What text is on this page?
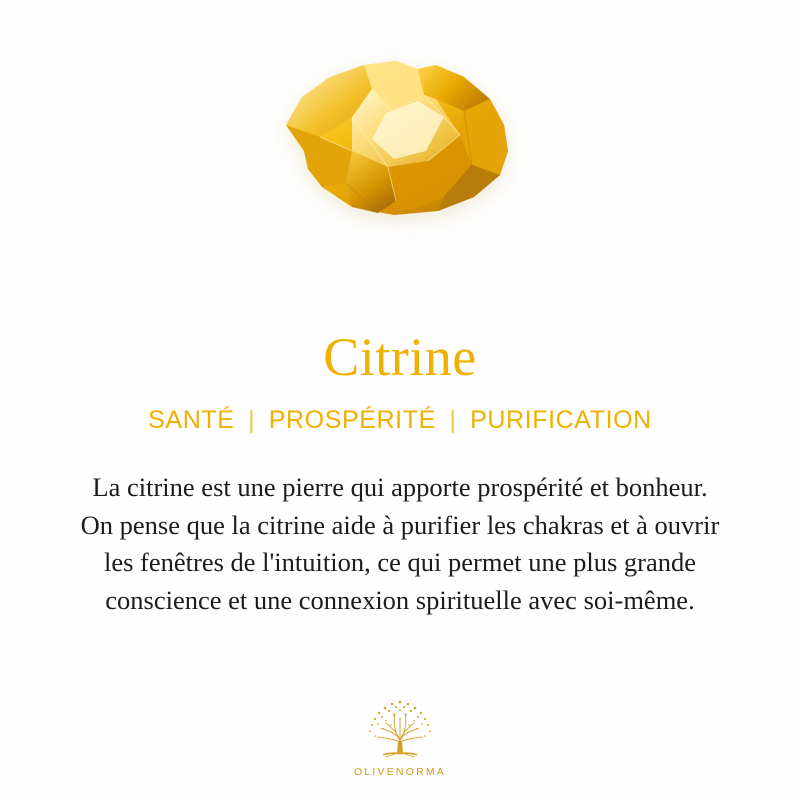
Citrine
SANTÉ | PROSPÉRITÉ | PURIFICATION
La citrine est une pierre qui apporte prospérité et bonheur.
On pense que la citrine aide à purifier les chakras et à ouvrir
les fenêtres de l'intuition, ce qui permet une plus grande
conscience et une connexion spirituelle avec soi-même.
OLIVENORMA
